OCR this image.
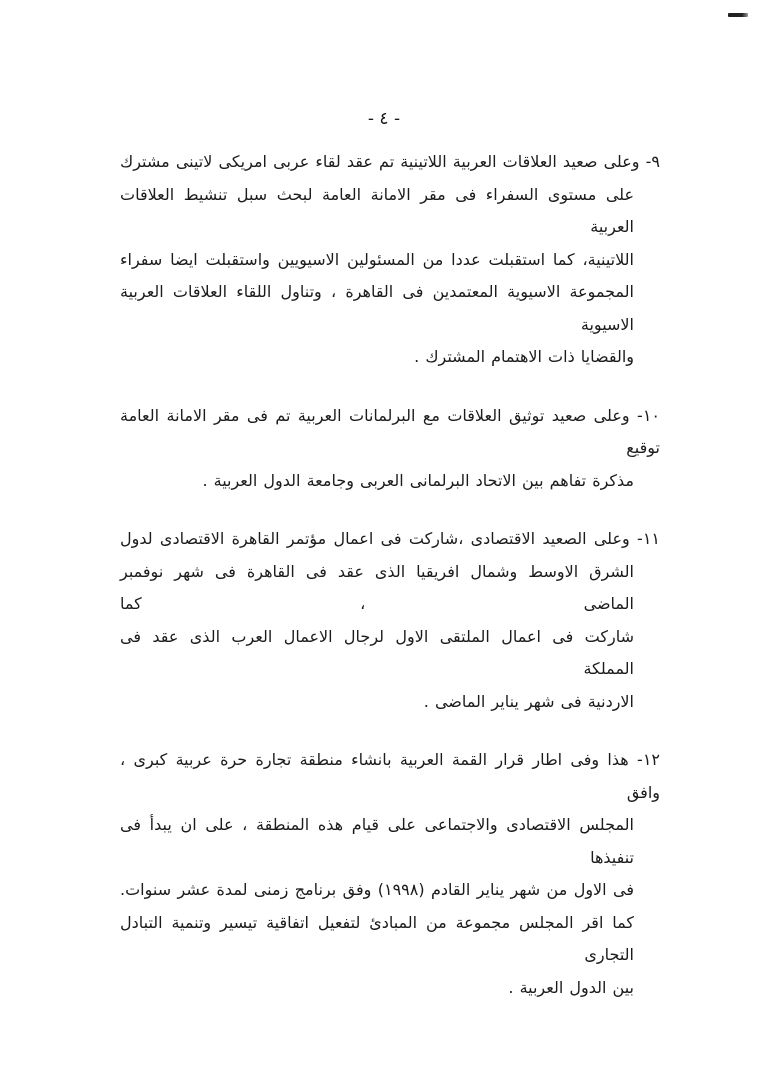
- ٤ -
٩- وعلى صعيد العلاقات العربية اللاتينية تم عقد لقاء عربى امريكى لاتينى مشترك
على مستوى السفراء فى مقر الامانة العامة لبحث سبل تنشيط العلاقات العربية
اللاتينية، كما استقبلت عددا من المسئولين الاسيويين واستقبلت ايضا سفراء
المجموعة الاسيوية المعتمدين فى القاهرة ، وتناول اللقاء العلاقات العربية الاسيوية
والقضايا ذات الاهتمام المشترك .
١٠- وعلى صعيد توثيق العلاقات مع البرلمانات العربية تم فى مقر الامانة العامة توقيع
مذكرة تفاهم بين الاتحاد البرلمانى العربى وجامعة الدول العربية .
١١- وعلى الصعيد الاقتصادى ،شاركت فى اعمال مؤتمر القاهرة الاقتصادى لدول
الشرق الاوسط وشمال افريقيا الذى عقد فى القاهرة فى شهر نوفمبر الماضى ، كما
شاركت فى اعمال الملتقى الاول لرجال الاعمال العرب الذى عقد فى المملكة
الاردنية فى شهر يناير الماضى .
١٢- هذا وفى اطار قرار القمة العربية بانشاء منطقة تجارة حرة عربية كبرى ، وافق
المجلس الاقتصادى والاجتماعى على قيام هذه المنطقة ، على ان يبدأ فى تنفيذها
فى الاول من شهر يناير القادم (١٩٩٨) وفق برنامج زمنى لمدة عشر سنوات.
كما اقر المجلس مجموعة من المبادئ لتفعيل اتفاقية تيسير وتنمية التبادل التجارى
بين الدول العربية .
